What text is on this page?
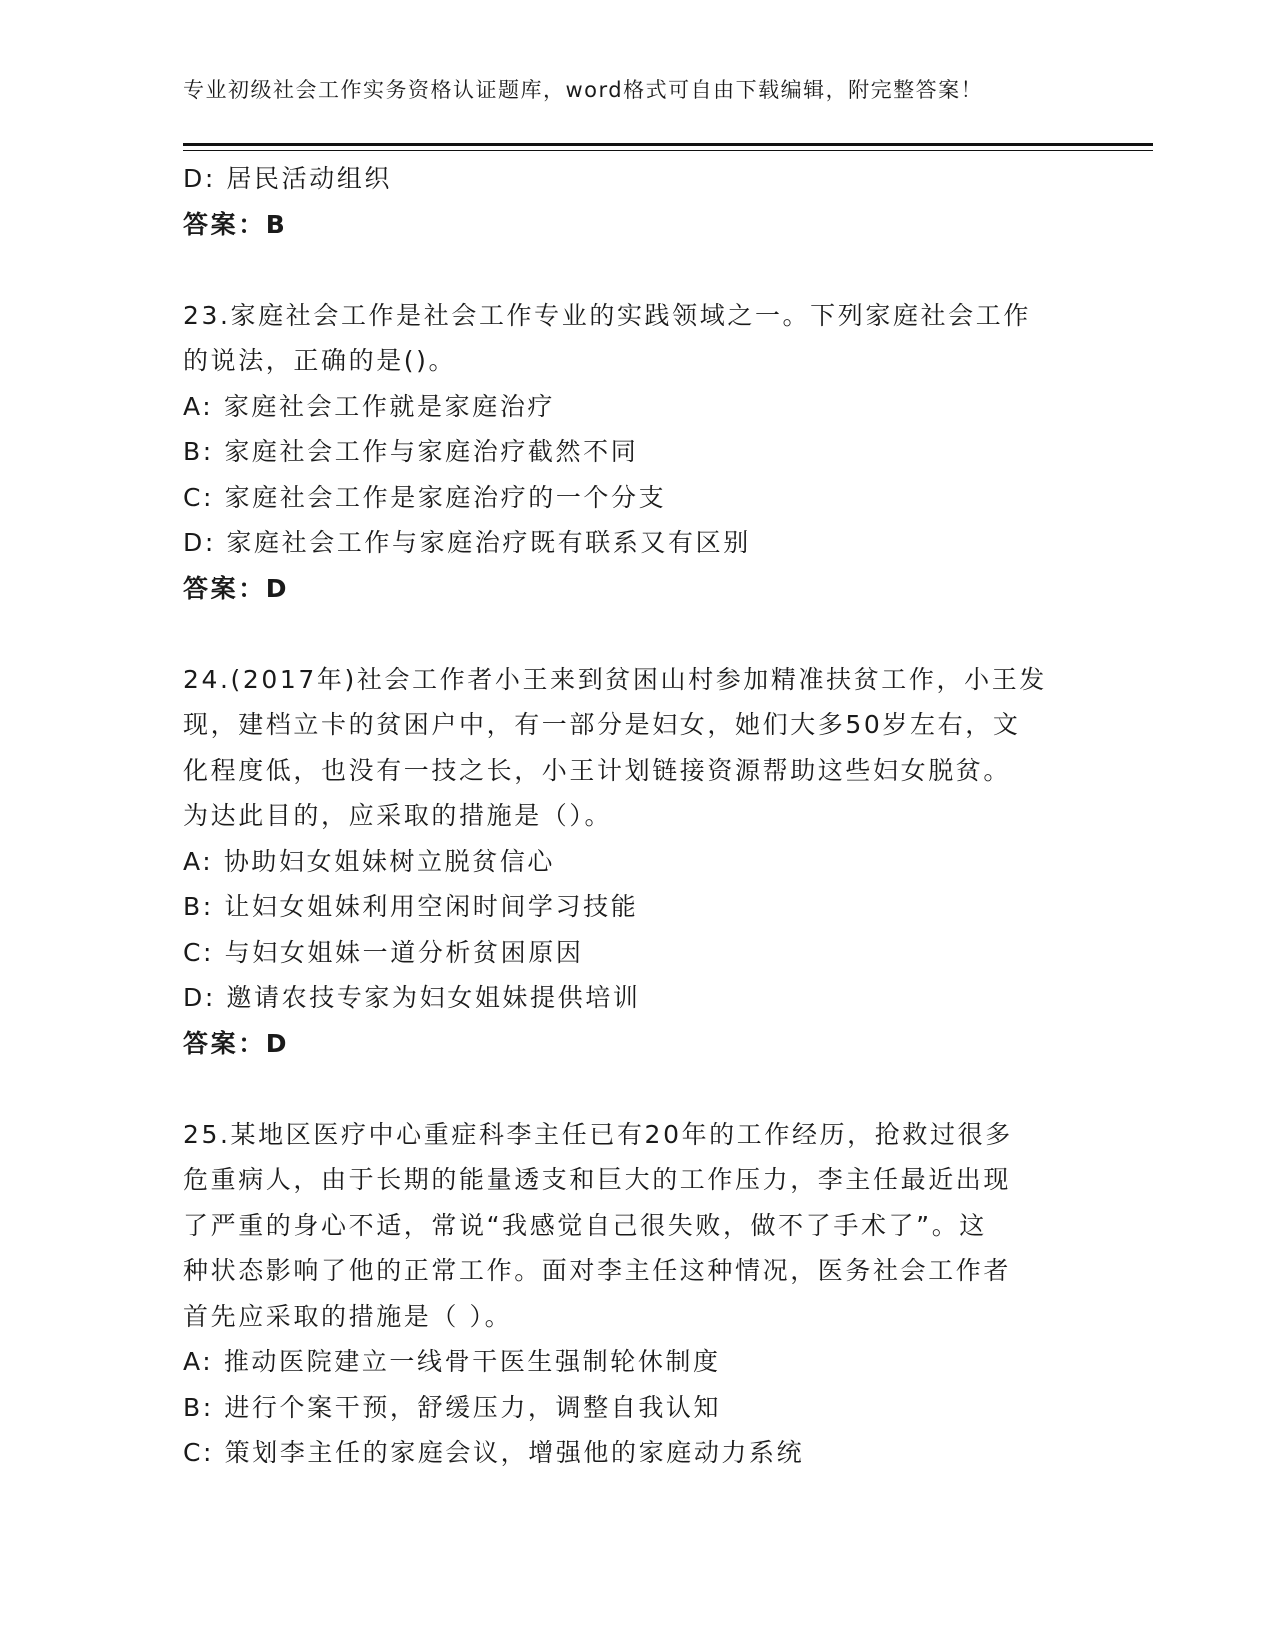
专业初级社会工作实务资格认证题库，word格式可自由下载编辑，附完整答案！
D: 居民活动组织
答案：B
23.家庭社会工作是社会工作专业的实践领域之一。下列家庭社会工作
的说法，正确的是()。
A: 家庭社会工作就是家庭治疗
B: 家庭社会工作与家庭治疗截然不同
C: 家庭社会工作是家庭治疗的一个分支
D: 家庭社会工作与家庭治疗既有联系又有区别
答案：D
24.(2017年)社会工作者小王来到贫困山村参加精准扶贫工作，小王发
现，建档立卡的贫困户中，有一部分是妇女，她们大多50岁左右，文
化程度低，也没有一技之长，小王计划链接资源帮助这些妇女脱贫。
为达此目的，应采取的措施是（）。
A: 协助妇女姐妹树立脱贫信心
B: 让妇女姐妹利用空闲时间学习技能
C: 与妇女姐妹一道分析贫困原因
D: 邀请农技专家为妇女姐妹提供培训
答案：D
25.某地区医疗中心重症科李主任已有20年的工作经历，抢救过很多
危重病人，由于长期的能量透支和巨大的工作压力，李主任最近出现
了严重的身心不适，常说“我感觉自己很失败，做不了手术了”。这
种状态影响了他的正常工作。面对李主任这种情况，医务社会工作者
首先应采取的措施是（ ）。
A: 推动医院建立一线骨干医生强制轮休制度
B: 进行个案干预，舒缓压力，调整自我认知
C: 策划李主任的家庭会议，增强他的家庭动力系统
